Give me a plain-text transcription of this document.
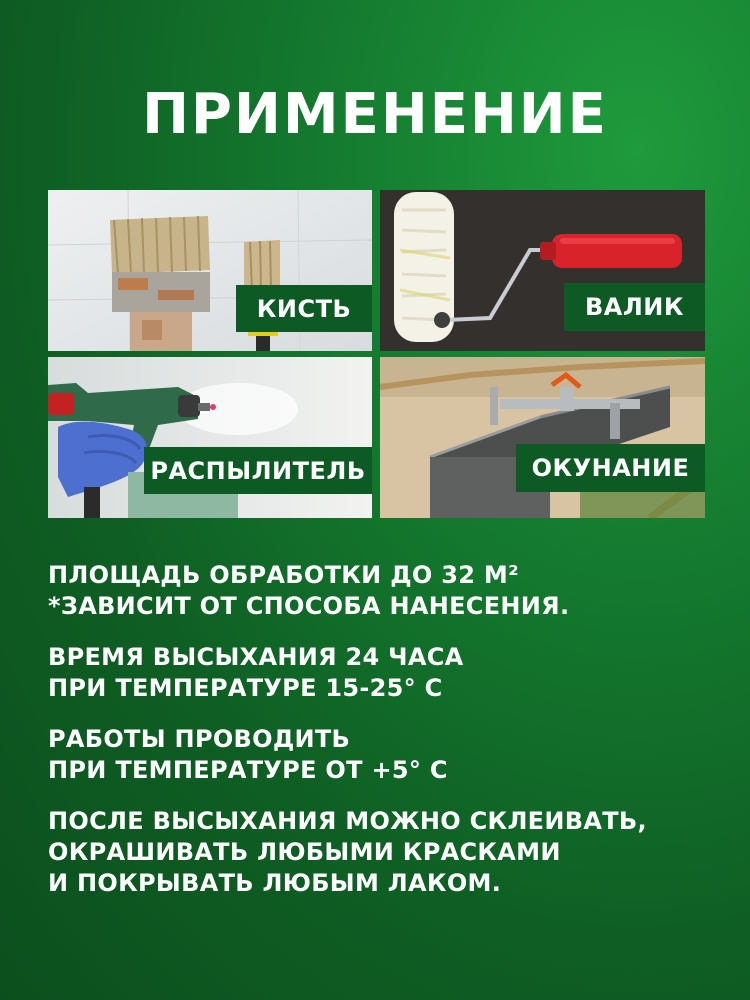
ПРИМЕНЕНИЕ
КИСТЬ	ВАЛИК
РАСПЫЛИТЕЛЬ	ОКУНАНИЕ
ПЛОЩАДЬ ОБРАБОТКИ ДО 32 М²
*ЗАВИСИТ ОТ СПОСОБА НАНЕСЕНИЯ.
ВРЕМЯ ВЫСЫХАНИЯ 24 ЧАСА
ПРИ ТЕМПЕРАТУРЕ 15-25° С
РАБОТЫ ПРОВОДИТЬ
ПРИ ТЕМПЕРАТУРЕ ОТ +5° С
ПОСЛЕ ВЫСЫХАНИЯ МОЖНО СКЛЕИВАТЬ,
ОКРАШИВАТЬ ЛЮБЫМИ КРАСКАМИ
И ПОКРЫВАТЬ ЛЮБЫМ ЛАКОМ.
